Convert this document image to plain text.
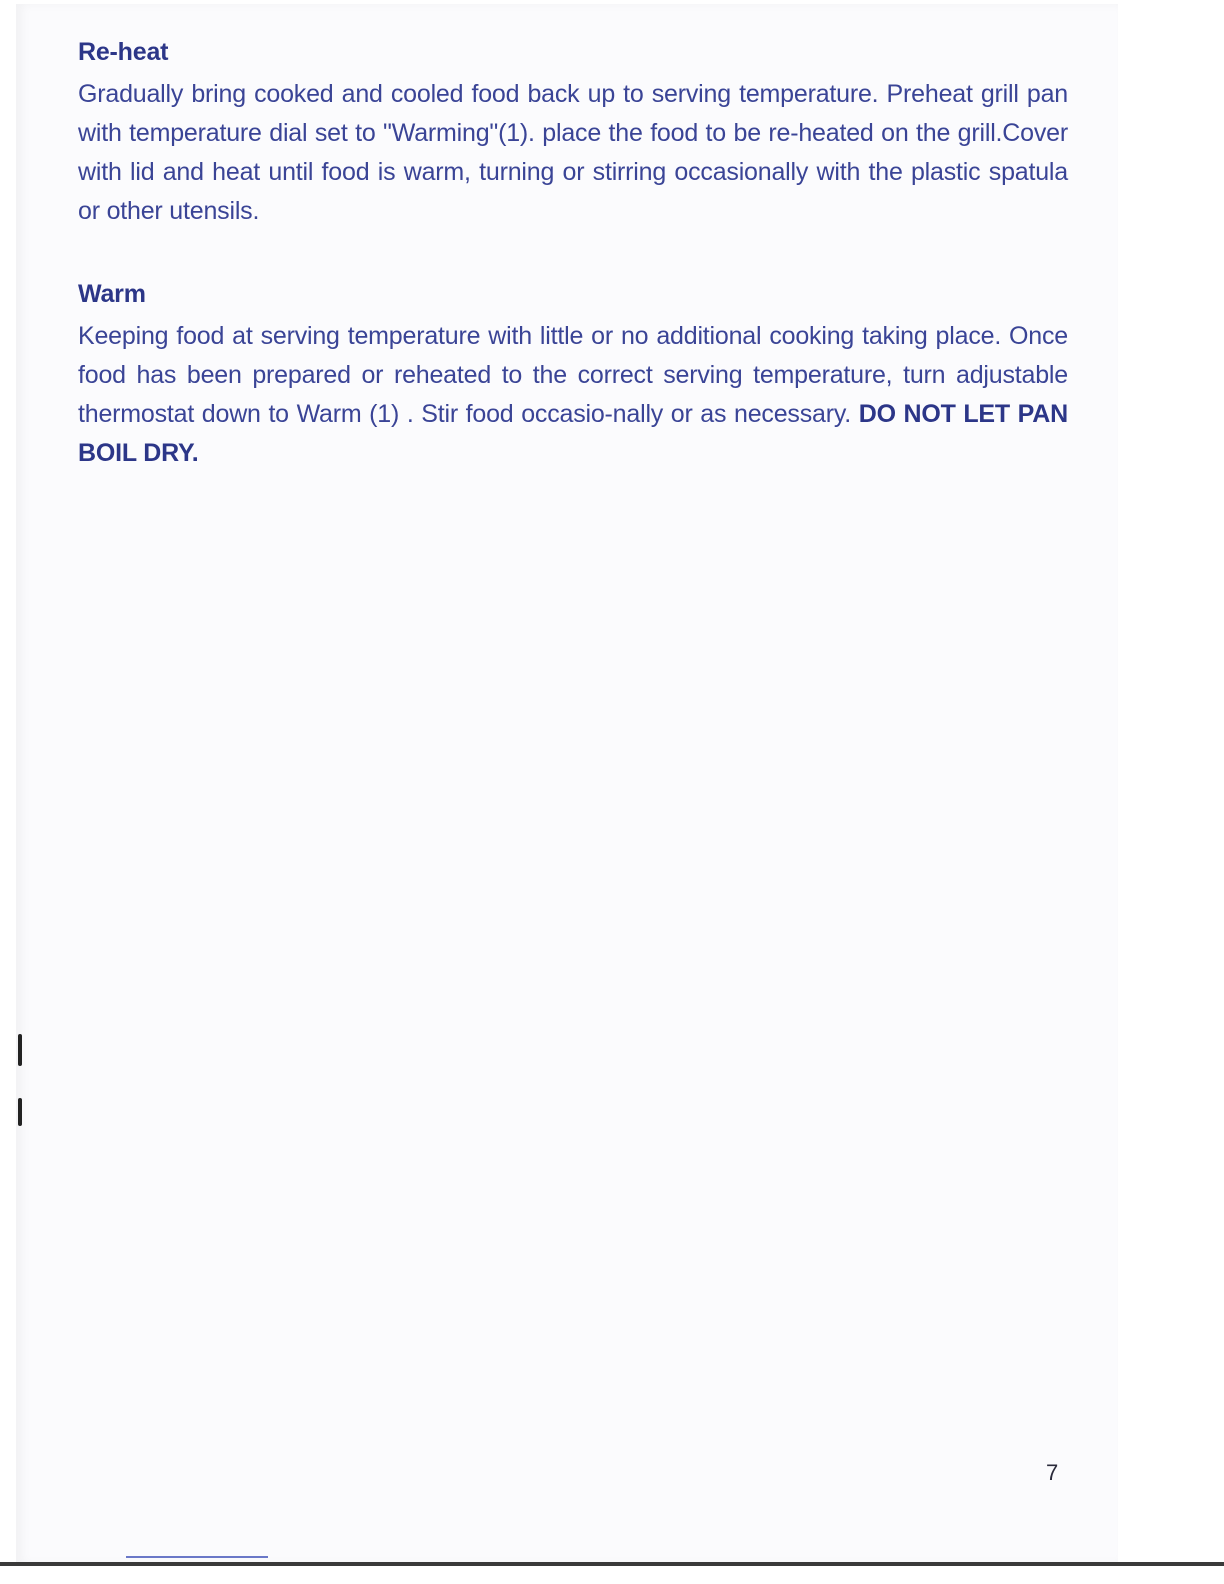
Re-heat

Gradually bring cooked and cooled food back up to serving temperature. Preheat grill pan with temperature dial set to "Warming"(1). place the food to be re-heated on the grill.Cover with lid and heat until food is warm, turning or stirring occasionally with the plastic spatula or other utensils.

Warm

Keeping food at serving temperature with little or no additional cooking taking place. Once food has been prepared or reheated to the correct serving temperature, turn adjustable thermostat down to Warm (1) . Stir food occasio-nally or as necessary. DO NOT LET PAN BOIL DRY.

7
